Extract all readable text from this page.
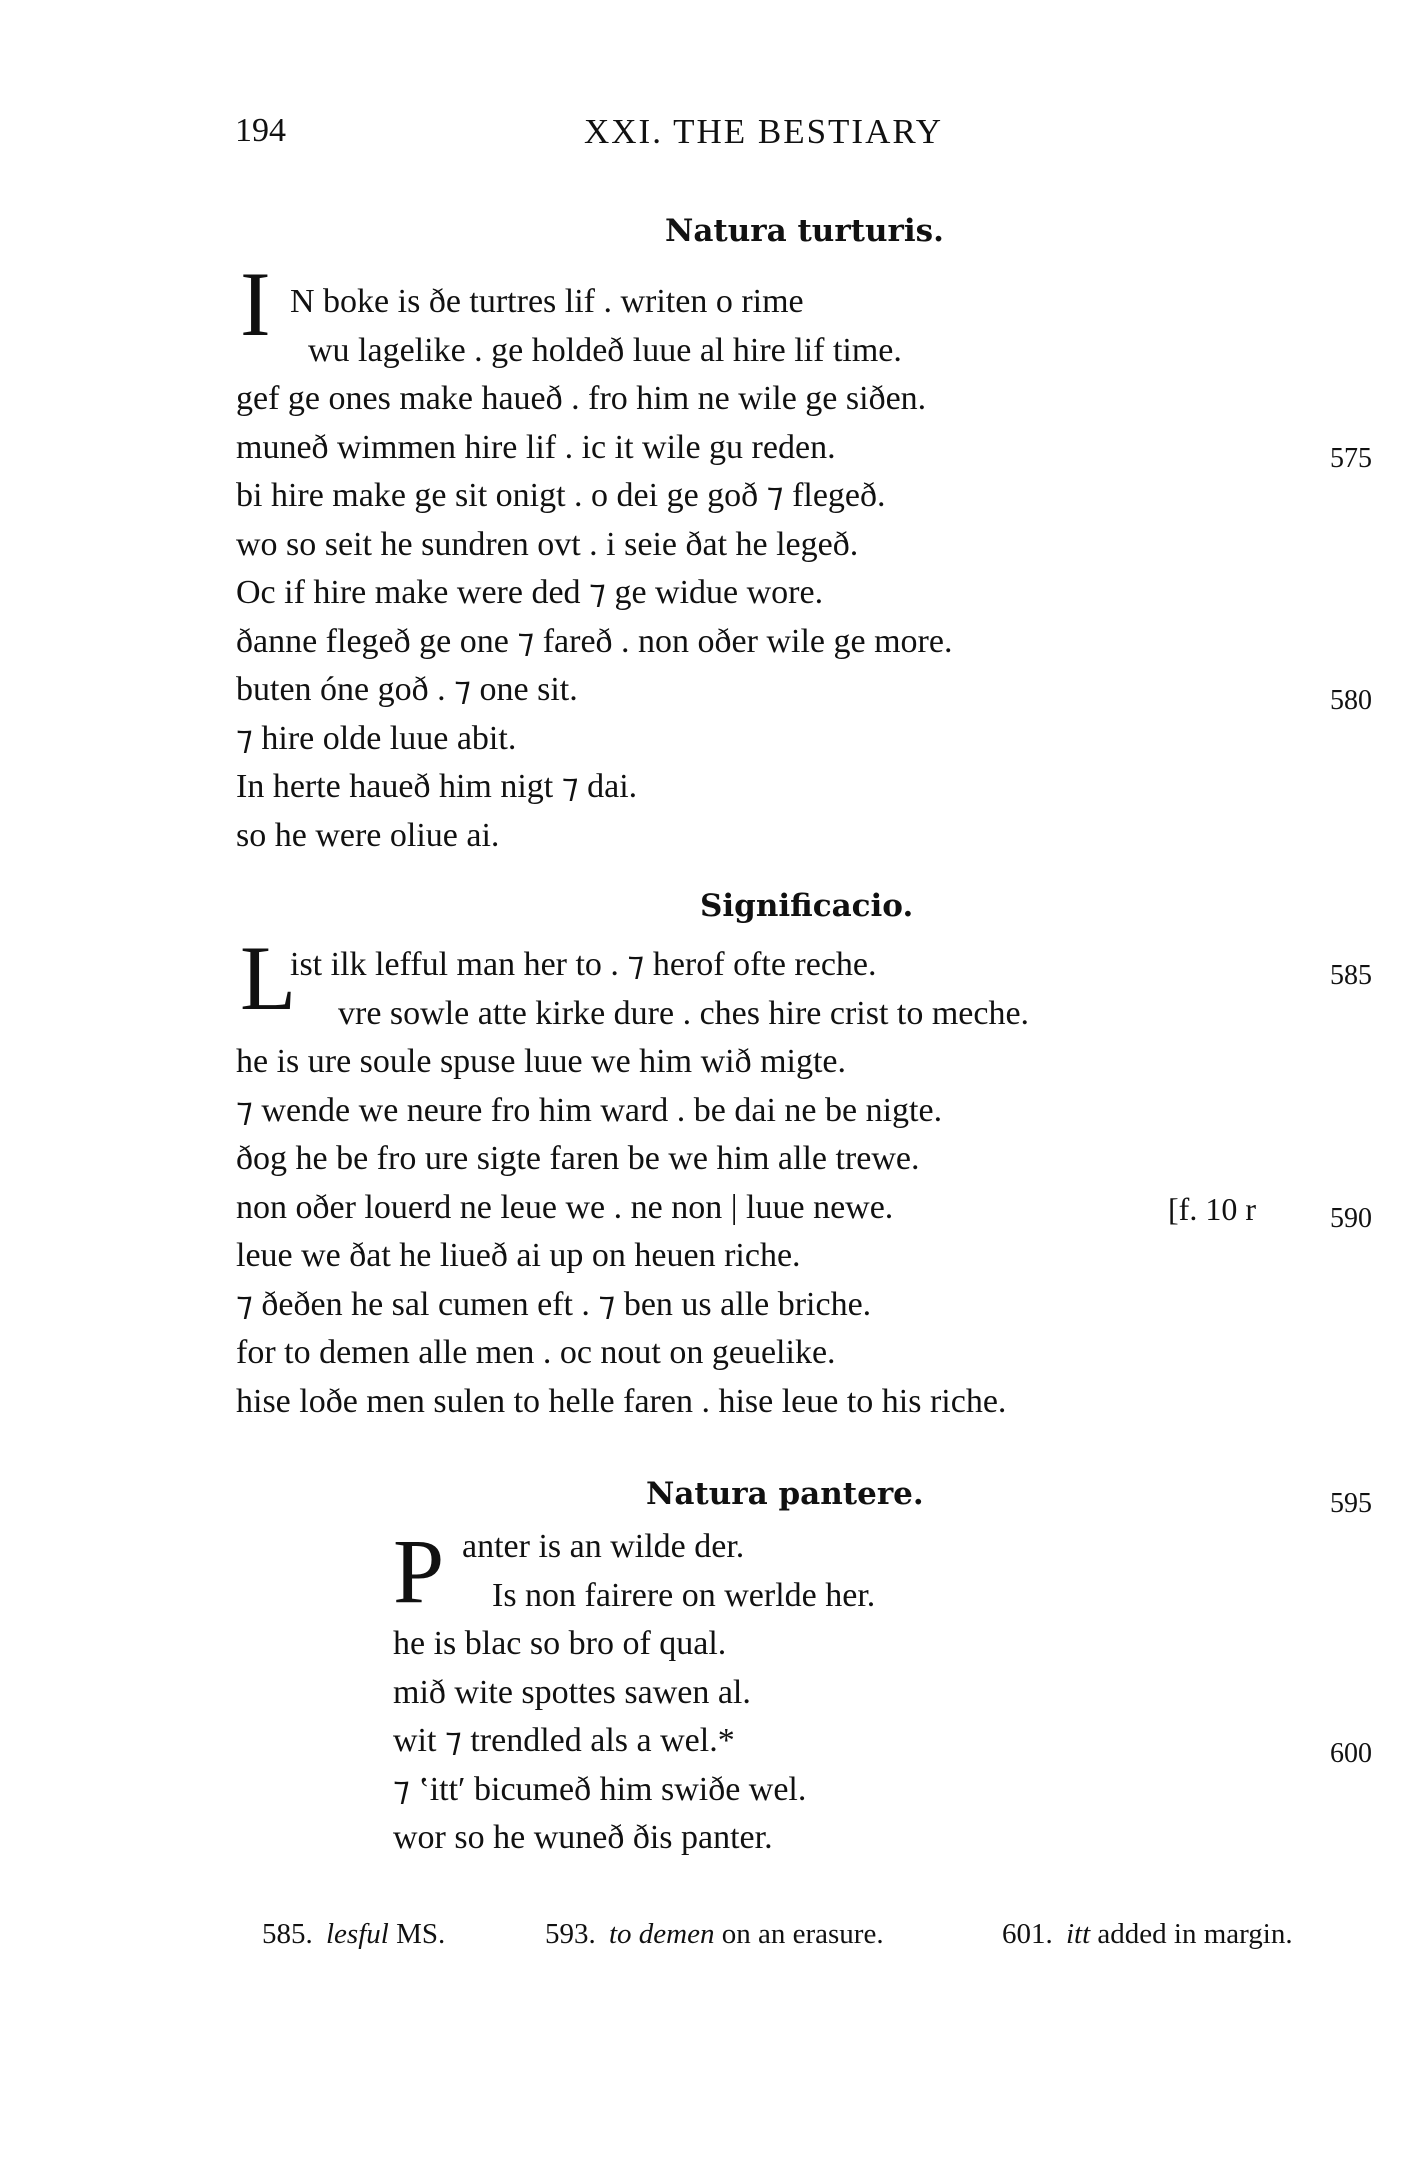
194	XXI. THE BESTIARY
Natura turturis.
I N boke is ðe turtres lif . writen o rime
wu lagelike . ge holdeð luue al hire lif time.
gef ge ones make haueð . fro him ne wile ge siðen.
muneð wimmen hire lif . ic it wile gu reden.
bi hire make ge sit onigt . o dei ge goð ⁊ flegeð.
wo so seit he sundren ovt . i seie ðat he legeð.
Oc if hire make were ded ⁊ ge widue wore.
ðanne flegeð ge one ⁊ fareð . non oðer wile ge more.
buten óne goð . ⁊ one sit.
⁊ hire olde luue abit.
In herte haueð him nigt ⁊ dai.
so he were oliue ai.
Significacio.
L
ist ilk lefful man her to . ⁊ herof ofte reche.
vre sowle atte kirke dure . ches hire crist to meche.
he is ure soule spuse luue we him wið migte.
⁊ wende we neure fro him ward . be dai ne be nigte.
ðog he be fro ure sigte faren be we him alle trewe.
non oðer louerd ne leue we . ne non | luue newe.
leue we ðat he liueð ai up on heuen riche.
⁊ ðeðen he sal cumen eft . ⁊ ben us alle briche.
for to demen alle men . oc nout on geuelike.
hise loðe men sulen to helle faren . hise leue to his riche.
Natura pantere.
P anter is an wilde der.
Is non fairere on werlde her.
he is blac so bro of qual.
mið wite spottes sawen al.
wit ⁊ trendled als a wel.*
⁊ ‛itt′ bicumeð him swiðe wel.
wor so he wuneð ðis panter.
575
580
585
[f. 10 r	590
595
600
585. lesful MS.	593. to demen on an erasure.	601. itt added in margin.
